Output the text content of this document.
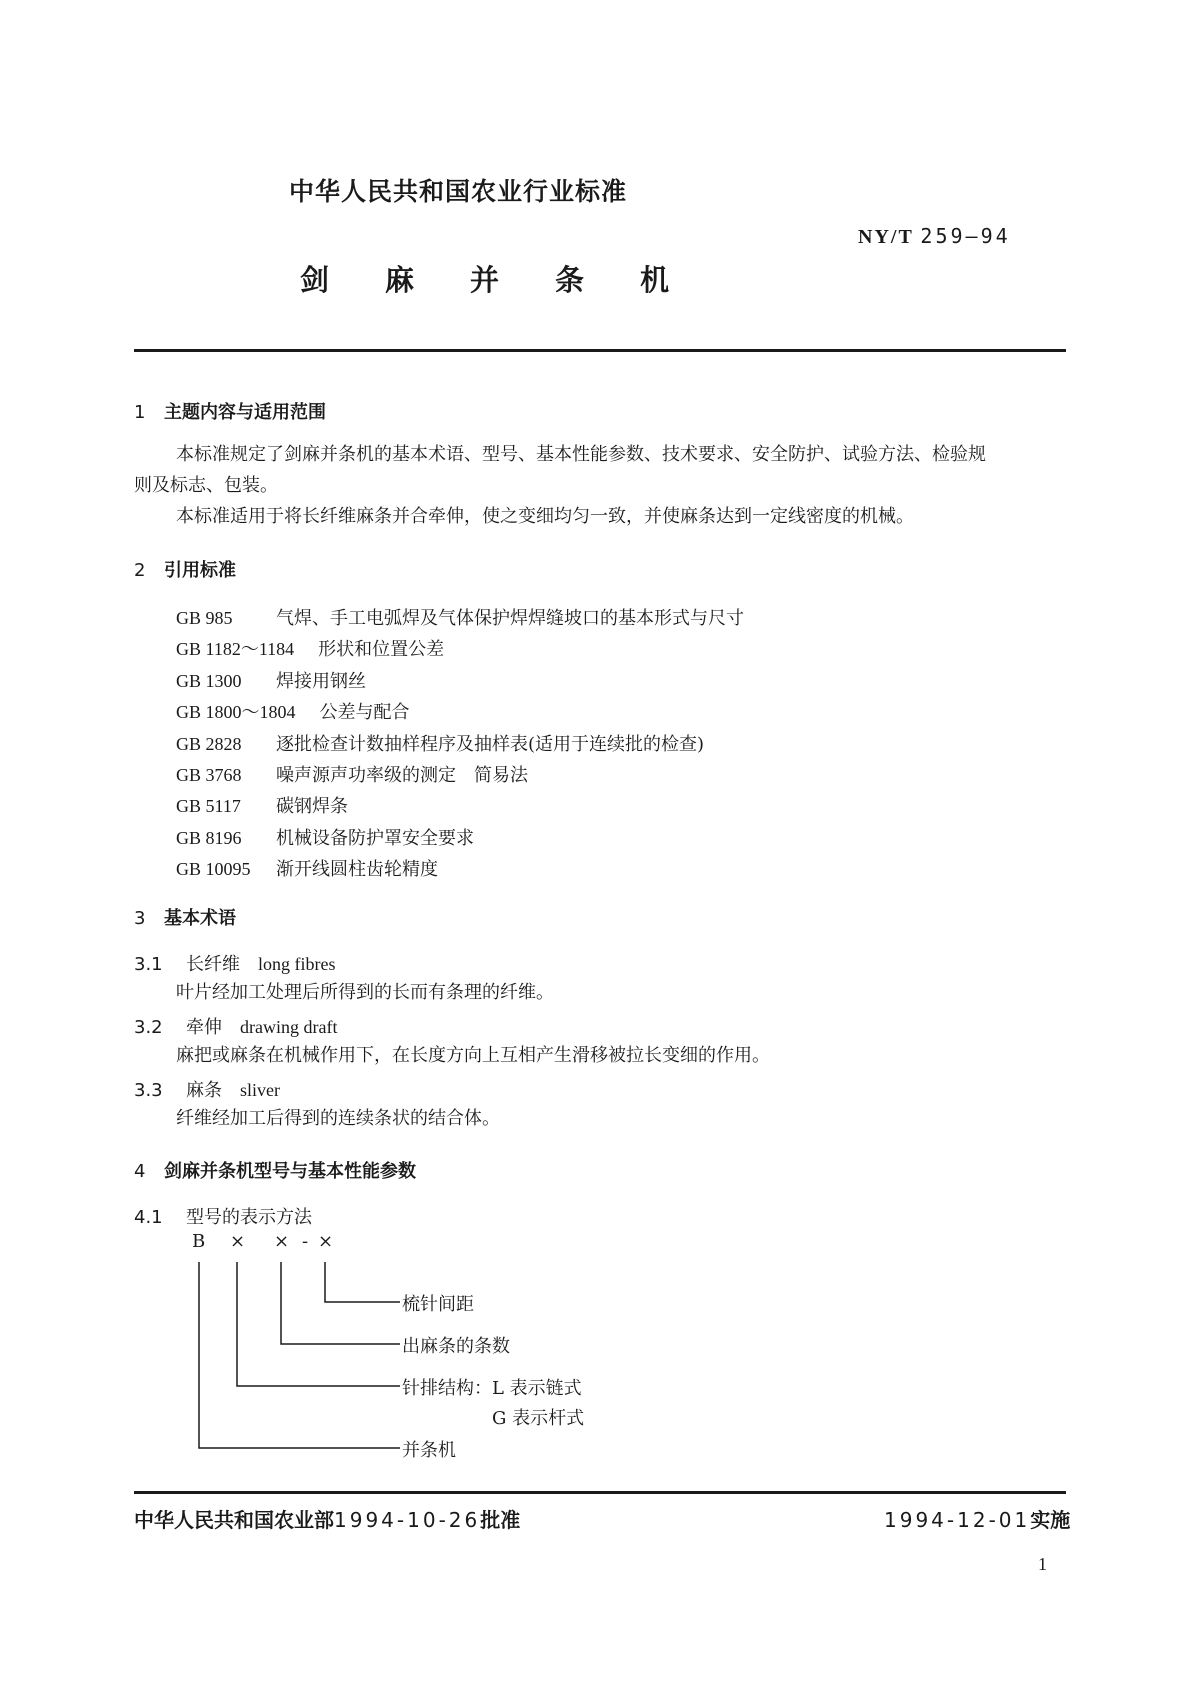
中华人民共和国农业行业标准
NY/T 259—94
剑 麻 并 条 机
1 主题内容与适用范围
本标准规定了剑麻并条机的基本术语、型号、基本性能参数、技术要求、安全防护、试验方法、检验规
则及标志、包装。
本标准适用于将长纤维麻条并合牵伸，使之变细均匀一致，并使麻条达到一定线密度的机械。
2 引用标准
GB 985 气焊、手工电弧焊及气体保护焊焊缝坡口的基本形式与尺寸
GB 1182～1184 形状和位置公差
GB 1300 焊接用钢丝
GB 1800～1804 公差与配合
GB 2828 逐批检查计数抽样程序及抽样表(适用于连续批的检查)
GB 3768 噪声源声功率级的测定　简易法
GB 5117 碳钢焊条
GB 8196 机械设备防护罩安全要求
GB 10095 渐开线圆柱齿轮精度
3 基本术语
3.1 长纤维 long fibres
叶片经加工处理后所得到的长而有条理的纤维。
3.2 牵伸 drawing draft
麻把或麻条在机械作用下，在长度方向上互相产生滑移被拉长变细的作用。
3.3 麻条 sliver
纤维经加工后得到的连续条状的结合体。
4 剑麻并条机型号与基本性能参数
4.1 型号的表示方法
B × × - ×
梳针间距
出麻条的条数
针排结构：L 表示链式
G 表示杆式
并条机
中华人民共和国农业部1994-10-26批准	1994-12-01实施
1
